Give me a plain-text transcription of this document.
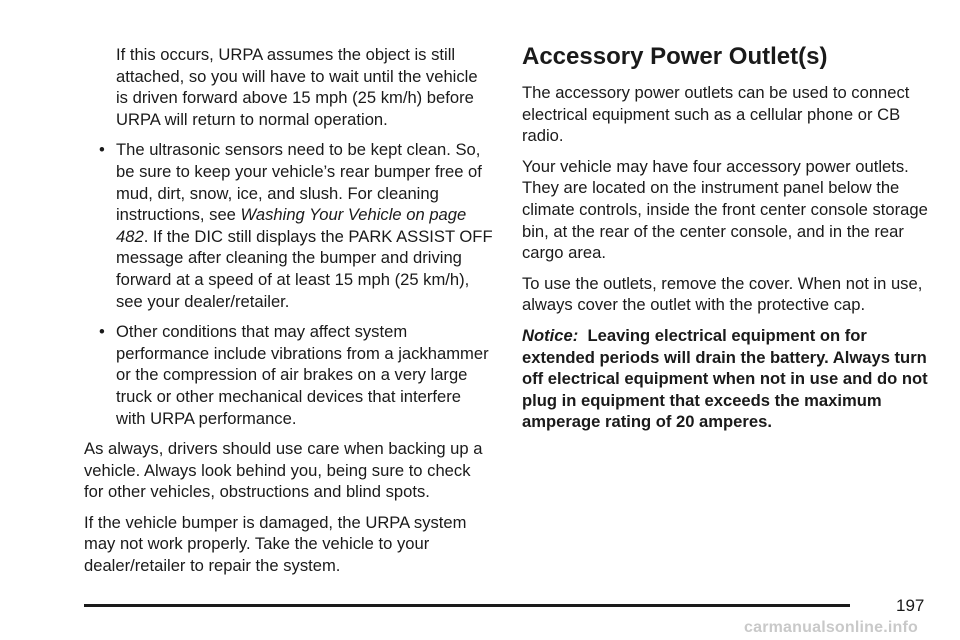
If this occurs, URPA assumes the object is still attached, so you will have to wait until the vehicle is driven forward above 15 mph (25 km/h) before URPA will return to normal operation.

• The ultrasonic sensors need to be kept clean. So, be sure to keep your vehicle’s rear bumper free of mud, dirt, snow, ice, and slush. For cleaning instructions, see Washing Your Vehicle on page 482. If the DIC still displays the PARK ASSIST OFF message after cleaning the bumper and driving forward at a speed of at least 15 mph (25 km/h), see your dealer/retailer.
• Other conditions that may affect system performance include vibrations from a jackhammer or the compression of air brakes on a very large truck or other mechanical devices that interfere with URPA performance.

As always, drivers should use care when backing up a vehicle. Always look behind you, being sure to check for other vehicles, obstructions and blind spots.

If the vehicle bumper is damaged, the URPA system may not work properly. Take the vehicle to your dealer/retailer to repair the system.

Accessory Power Outlet(s)

The accessory power outlets can be used to connect electrical equipment such as a cellular phone or CB radio.

Your vehicle may have four accessory power outlets. They are located on the instrument panel below the climate controls, inside the front center console storage bin, at the rear of the center console, and in the rear cargo area.

To use the outlets, remove the cover. When not in use, always cover the outlet with the protective cap.

Notice: Leaving electrical equipment on for extended periods will drain the battery. Always turn off electrical equipment when not in use and do not plug in equipment that exceeds the maximum amperage rating of 20 amperes.

197
carmanualsonline.info
